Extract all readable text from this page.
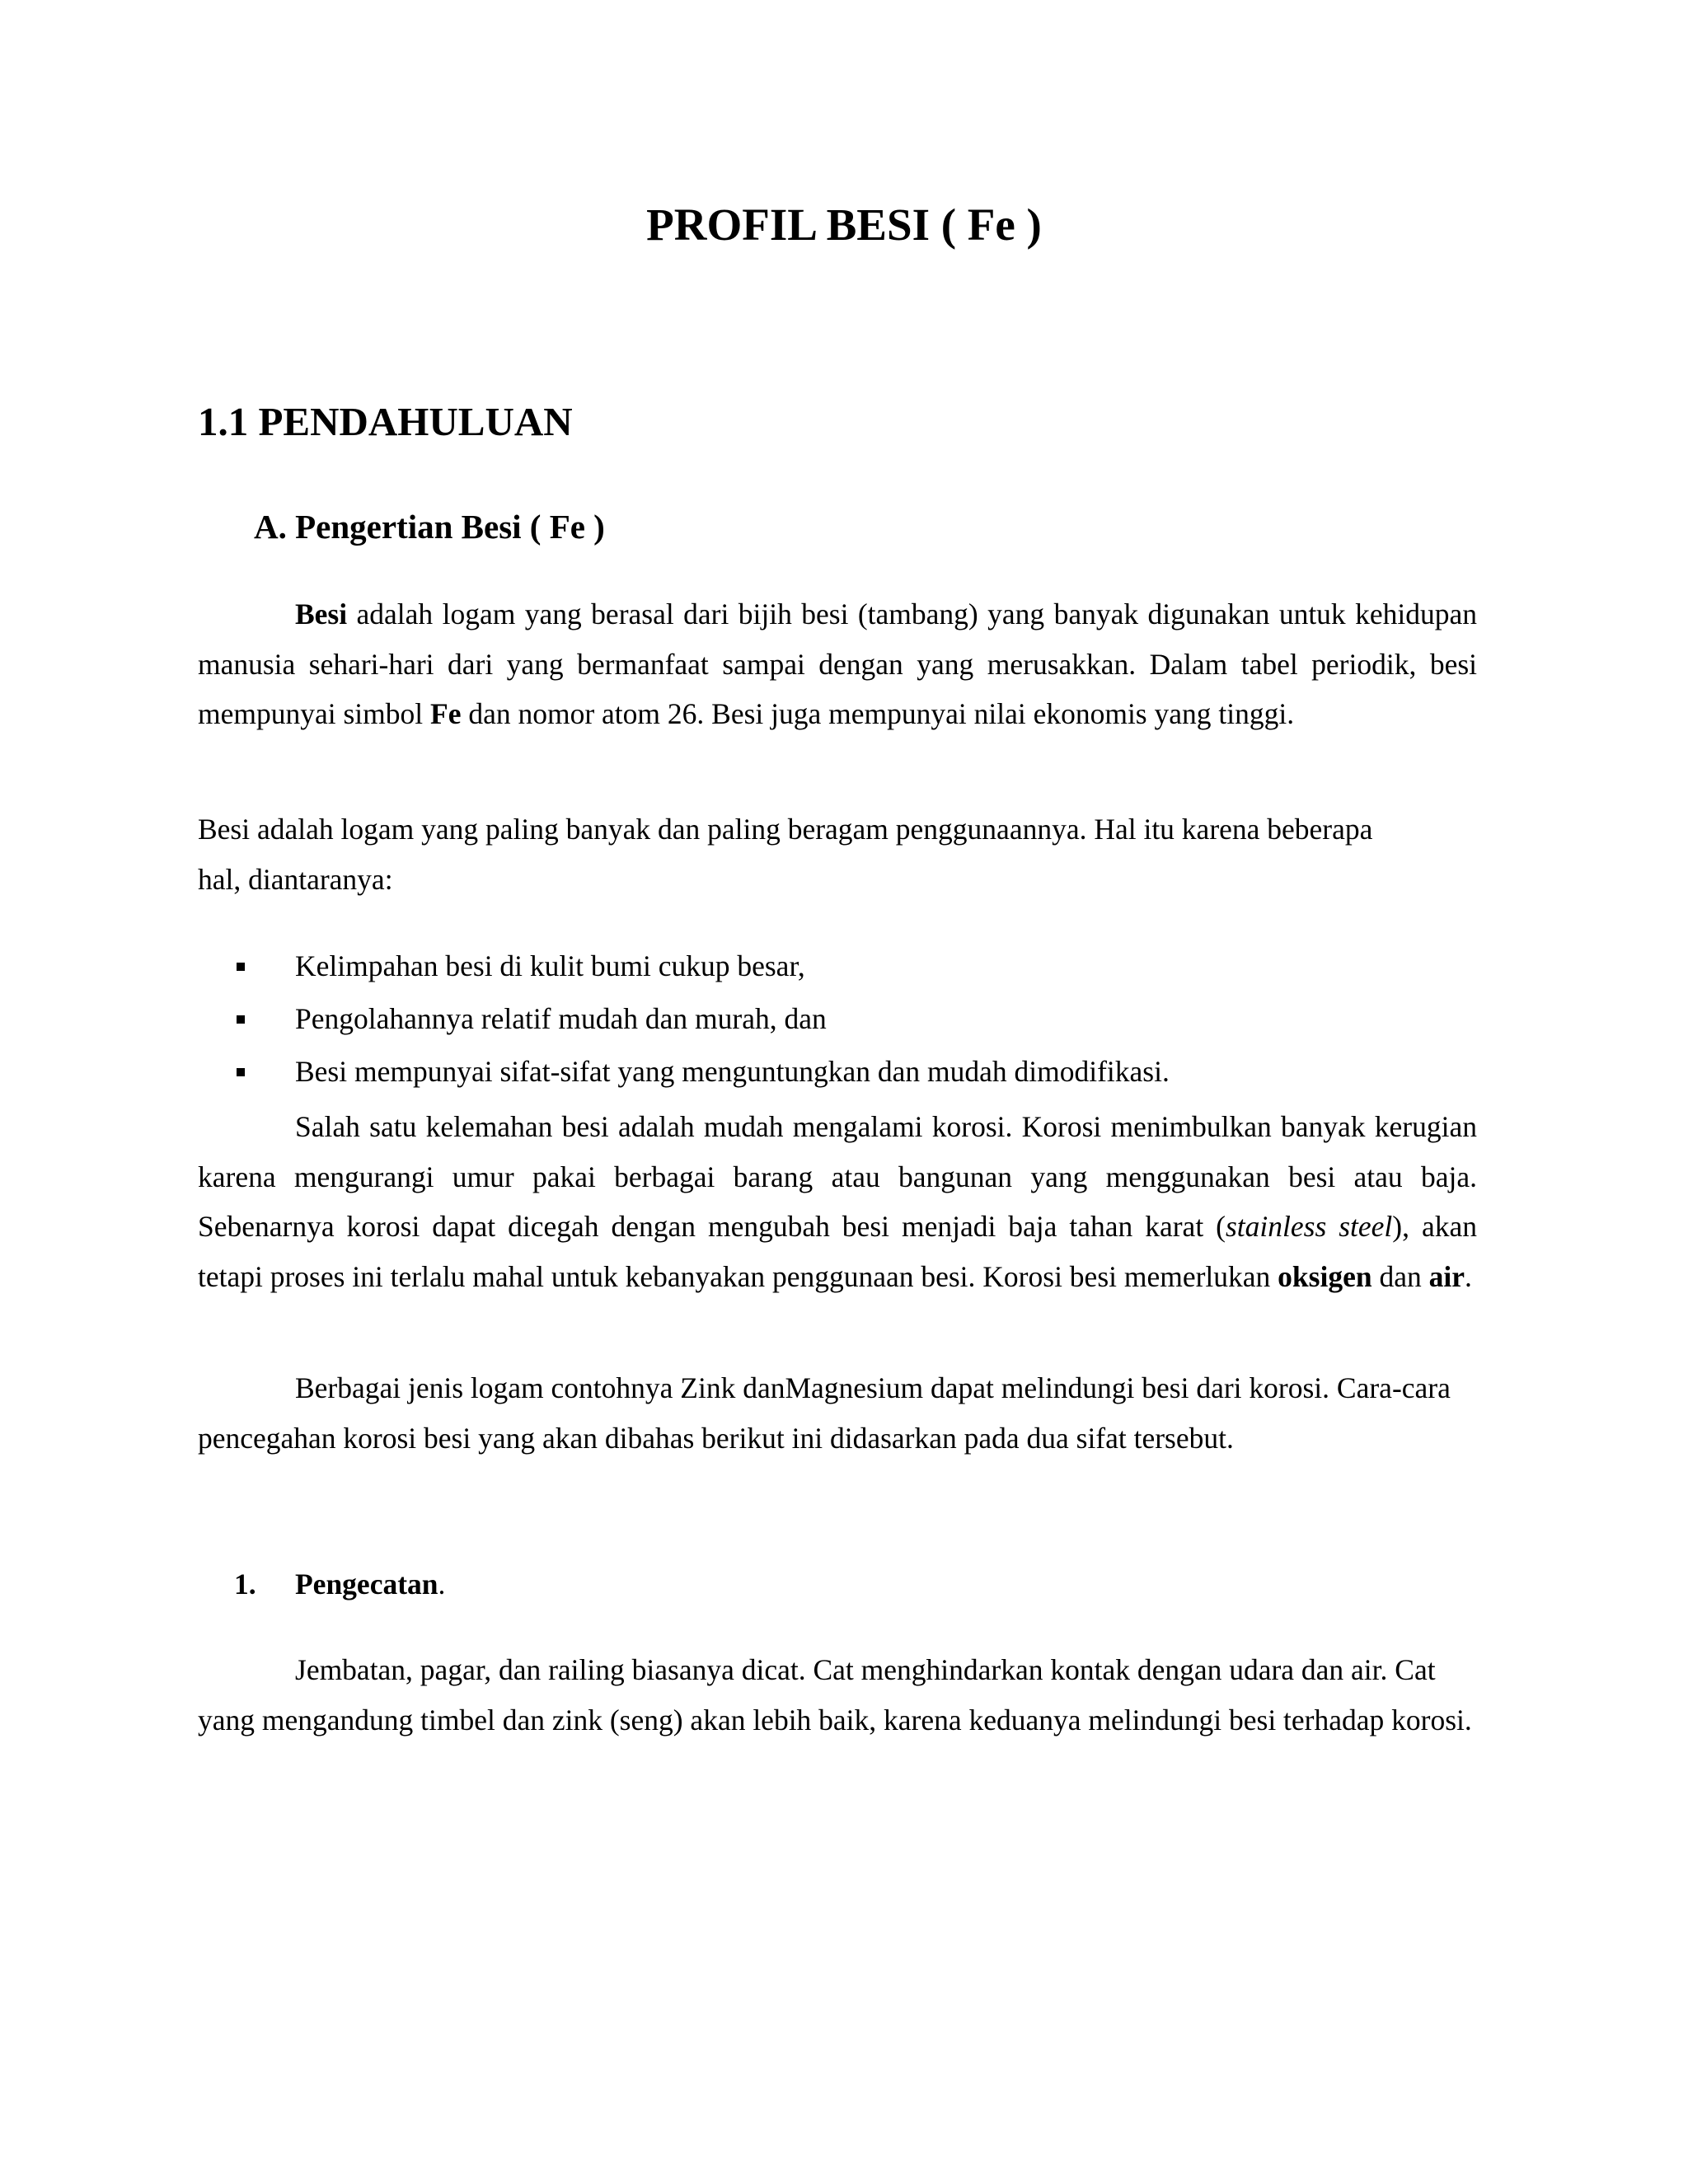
PROFIL BESI ( Fe )
1.1 PENDAHULUAN
A. Pengertian Besi ( Fe )

Besi adalah logam yang berasal dari bijih besi (tambang) yang banyak digunakan untuk kehidupan manusia sehari-hari dari yang bermanfaat sampai dengan yang merusakkan. Dalam tabel periodik, besi mempunyai simbol Fe dan nomor atom 26. Besi juga mempunyai nilai ekonomis yang tinggi.

Besi adalah logam yang paling banyak dan paling beragam penggunaannya. Hal itu karena beberapa hal, diantaranya:

Kelimpahan besi di kulit bumi cukup besar,
Pengolahannya relatif mudah dan murah, dan
Besi mempunyai sifat-sifat yang menguntungkan dan mudah dimodifikasi.

Salah satu kelemahan besi adalah mudah mengalami korosi. Korosi menimbulkan banyak kerugian karena mengurangi umur pakai berbagai barang atau bangunan yang menggunakan besi atau baja. Sebenarnya korosi dapat dicegah dengan mengubah besi menjadi baja tahan karat (stainless steel), akan tetapi proses ini terlalu mahal untuk kebanyakan penggunaan besi. Korosi besi memerlukan oksigen dan air.

Berbagai jenis logam contohnya Zink danMagnesium dapat melindungi besi dari korosi. Cara-cara pencegahan korosi besi yang akan dibahas berikut ini didasarkan pada dua sifat tersebut.

1. Pengecatan.

Jembatan, pagar, dan railing biasanya dicat. Cat menghindarkan kontak dengan udara dan air. Cat yang mengandung timbel dan zink (seng) akan lebih baik, karena keduanya melindungi besi terhadap korosi.
